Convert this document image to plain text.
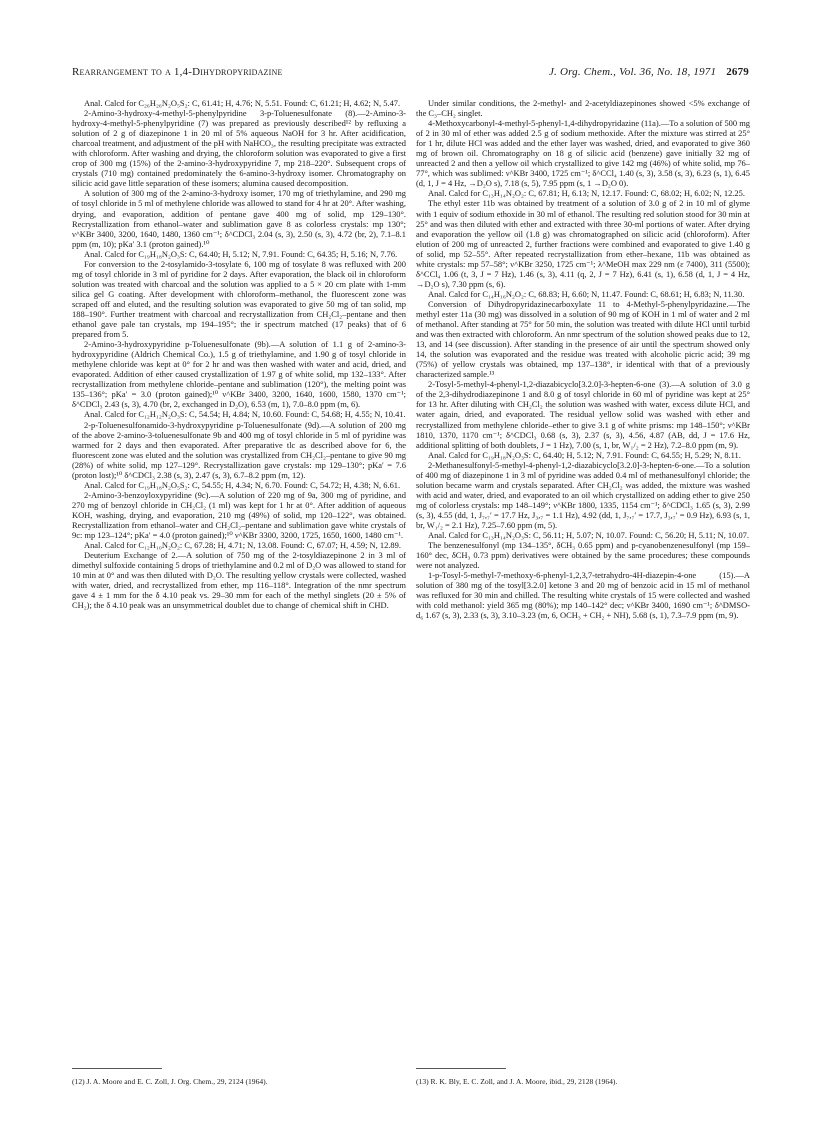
Rearrangement to a 1,4-Dihydropyridazine	J. Org. Chem., Vol. 36, No. 18, 1971 2679

Anal. Calcd for C₂₆H₂₆N₂O₅S₂: C, 61.41; H, 4.76; N, 5.51. Found: C, 61.21; H, 4.62; N, 5.47.

2-Amino-3-hydroxy-4-methyl-5-phenylpyridine 3-p-Toluenesulfonate (8).—2-Amino-3-hydroxy-4-methyl-5-phenylpyridine (7) was prepared as previously described¹² by refluxing a solution of 2 g of diazepinone 1 in 20 ml of 5% aqueous NaOH for 3 hr. After acidification, charcoal treatment, and adjustment of the pH with NaHCO₃, the resulting precipitate was extracted with chloroform. After washing and drying, the chloroform solution was evaporated to give a first crop of 300 mg (15%) of the 2-amino-3-hydroxypyridine 7, mp 218–220°. Subsequent crops of crystals (710 mg) contained predominately the 6-amino-3-hydroxy isomer. Chromatography on silicic acid gave little separation of these isomers; alumina caused decomposition.

A solution of 300 mg of the 2-amino-3-hydroxy isomer, 170 mg of triethylamine, and 290 mg of tosyl chloride in 5 ml of methylene chloride was allowed to stand for 4 hr at 20°. After washing, drying, and evaporation, addition of pentane gave 400 mg of solid, mp 129–130°. Recrystallization from ethanol–water and sublimation gave 8 as colorless crystals: mp 130°; ν^KBr 3400, 3200, 1640, 1480, 1360 cm⁻¹; δ^CDCl₃ 2.04 (s, 3), 2.50 (s, 3), 4.72 (br, 2), 7.1–8.1 ppm (m, 10); pKa′ 3.1 (proton gained).¹⁰

Anal. Calcd for C₁₉H₁₈N₂O₃S: C, 64.40; H, 5.12; N, 7.91. Found: C, 64.35; H, 5.16; N, 7.76.

For conversion to the 2-tosylamido-3-tosylate 6, 100 mg of tosylate 8 was refluxed with 200 mg of tosyl chloride in 3 ml of pyridine for 2 days. After evaporation, the black oil in chloroform solution was treated with charcoal and the solution was applied to a 5 × 20 cm plate with 1-mm silica gel G coating. After development with chloroform–methanol, the fluorescent zone was scraped off and eluted, and the resulting solution was evaporated to give 50 mg of tan solid, mp 188–190°. Further treatment with charcoal and recrystallization from CH₂Cl₂–pentane and then ethanol gave pale tan crystals, mp 194–195°; the ir spectrum matched (17 peaks) that of 6 prepared from 5.

2-Amino-3-hydroxypyridine p-Toluenesulfonate (9b).—A solution of 1.1 g of 2-amino-3-hydroxypyridine (Aldrich Chemical Co.), 1.5 g of triethylamine, and 1.90 g of tosyl chloride in methylene chloride was kept at 0° for 2 hr and was then washed with water and acid, dried, and evaporated. Addition of ether caused crystallization of 1.97 g of white solid, mp 132–133°. After recrystallization from methylene chloride–pentane and sublimation (120°), the melting point was 135–136°; pKa′ = 3.0 (proton gained);¹⁰ ν^KBr 3400, 3200, 1640, 1600, 1580, 1370 cm⁻¹; δ^CDCl₃ 2.43 (s, 3), 4.70 (br, 2, exchanged in D₂O), 6.53 (m, 1), 7.0–8.0 ppm (m, 6).

Anal. Calcd for C₁₂H₁₂N₂O₃S: C, 54.54; H, 4.84; N, 10.60. Found: C, 54.68; H, 4.55; N, 10.41.

2-p-Toluenesulfonamido-3-hydroxypyridine p-Toluenesulfonate (9d).—A solution of 200 mg of the above 2-amino-3-toluenesulfonate 9b and 400 mg of tosyl chloride in 5 ml of pyridine was warmed for 2 days and then evaporated. After preparative tlc as described above for 6, the fluorescent zone was eluted and the solution was crystallized from CH₂Cl₂–pentane to give 90 mg (28%) of white solid, mp 127–129°. Recrystallization gave crystals: mp 129–130°; pKa′ = 7.6 (proton lost);¹⁰ δ^CDCl₃ 2.38 (s, 3), 2.47 (s, 3), 6.7–8.2 ppm (m, 12).

Anal. Calcd for C₁₉H₁₈N₂O₅S₂: C, 54.55; H, 4.34; N, 6.70. Found: C, 54.72; H, 4.38; N, 6.61.

2-Amino-3-benzoyloxypyridine (9c).—A solution of 220 mg of 9a, 300 mg of pyridine, and 270 mg of benzoyl chloride in CH₂Cl₂ (1 ml) was kept for 1 hr at 0°. After addition of aqueous KOH, washing, drying, and evaporation, 210 mg (49%) of solid, mp 120–122°, was obtained. Recrystallization from ethanol–water and CH₂Cl₂–pentane and sublimation gave white crystals of 9c: mp 123–124°; pKa′ = 4.0 (proton gained);¹⁰ ν^KBr 3300, 3200, 1725, 1650, 1600, 1480 cm⁻¹.

Anal. Calcd for C₁₂H₁₀N₂O₂: C, 67.28; H, 4.71; N, 13.08. Found: C, 67.07; H, 4.59; N, 12.89.

Deuterium Exchange of 2.—A solution of 750 mg of the 2-tosyldiazepinone 2 in 3 ml of dimethyl sulfoxide containing 5 drops of triethylamine and 0.2 ml of D₂O was allowed to stand for 10 min at 0° and was then diluted with D₂O. The resulting yellow crystals were collected, washed with water, dried, and recrystallized from ether, mp 116–118°. Integration of the nmr spectrum gave 4 ± 1 mm for the δ 4.10 peak vs. 29–30 mm for each of the methyl singlets (20 ± 5% of CH₂); the δ 4.10 peak was an unsymmetrical doublet due to change of chemical shift in CHD.

Under similar conditions, the 2-methyl- and 2-acetyldiazepinones showed <5% exchange of the C₃–CH₂ singlet.

4-Methoxycarbonyl-4-methyl-5-phenyl-1,4-dihydropyridazine (11a).—To a solution of 500 mg of 2 in 30 ml of ether was added 2.5 g of sodium methoxide. After the mixture was stirred at 25° for 1 hr, dilute HCl was added and the ether layer was washed, dried, and evaporated to give 360 mg of brown oil. Chromatography on 18 g of silicic acid (benzene) gave initially 32 mg of unreacted 2 and then a yellow oil which crystallized to give 142 mg (46%) of white solid, mp 76–77°, which was sublimed: ν^KBr 3400, 1725 cm⁻¹; δ^CCl₄ 1.40 (s, 3), 3.58 (s, 3), 6.23 (s, 1), 6.45 (d, 1, J = 4 Hz, →D₂O s), 7.18 (s, 5), 7.95 ppm (s, 1 →D₂O 0).

Anal. Calcd for C₁₃H₁₄N₂O₂: C, 67.81; H, 6.13; N, 12.17. Found: C, 68.02; H, 6.02; N, 12.25.

The ethyl ester 11b was obtained by treatment of a solution of 3.0 g of 2 in 10 ml of glyme with 1 equiv of sodium ethoxide in 30 ml of ethanol. The resulting red solution stood for 30 min at 25° and was then diluted with ether and extracted with three 30-ml portions of water. After drying and evaporation the yellow oil (1.8 g) was chromatographed on silicic acid (chloroform). After elution of 200 mg of unreacted 2, further fractions were combined and evaporated to give 1.40 g of solid, mp 52–55°. After repeated recrystallization from ether–hexane, 11b was obtained as white crystals: mp 57–58°; ν^KBr 3250, 1725 cm⁻¹; λ^MeOH max 229 nm (ε 7400), 311 (5500); δ^CCl₄ 1.06 (t, 3, J = 7 Hz), 1.46 (s, 3), 4.11 (q, 2, J = 7 Hz), 6.41 (s, 1), 6.58 (d, 1, J = 4 Hz, →D₂O s), 7.30 ppm (s, 6).

Anal. Calcd for C₁₄H₁₆N₂O₂: C, 68.83; H, 6.60; N, 11.47. Found: C, 68.61; H, 6.83; N, 11.30.

Conversion of Dihydropyridazinecarboxylate 11 to 4-Methyl-5-phenylpyridazine.—The methyl ester 11a (30 mg) was dissolved in a solution of 90 mg of KOH in 1 ml of water and 2 ml of methanol. After standing at 75° for 50 min, the solution was treated with dilute HCl until turbid and was then extracted with chloroform. An nmr spectrum of the solution showed peaks due to 12, 13, and 14 (see discussion). After standing in the presence of air until the spectrum showed only 14, the solution was evaporated and the residue was treated with alcoholic picric acid; 39 mg (75%) of yellow crystals was obtained, mp 137–138°, ir identical with that of a previously characterized sample.¹³

2-Tosyl-5-methyl-4-phenyl-1,2-diazabicyclo[3.2.0]-3-hepten-6-one (3).—A solution of 3.0 g of the 2,3-dihydrodiazepinone 1 and 8.0 g of tosyl chloride in 60 ml of pyridine was kept at 25° for 13 hr. After diluting with CH₂Cl₂ the solution was washed with water, excess dilute HCl, and water again, dried, and evaporated. The residual yellow solid was washed with ether and recrystallized from methylene chloride–ether to give 3.1 g of white prisms: mp 148–150°; ν^KBr 1810, 1370, 1170 cm⁻¹; δ^CDCl₃ 0.68 (s, 3), 2.37 (s, 3), 4.56, 4.87 (AB, dd, J = 17.6 Hz, additional splitting of both doublets, J = 1 Hz), 7.00 (s, 1, br, W₁/₂ = 2 Hz), 7.2–8.0 ppm (m, 9).

Anal. Calcd for C₁₉H₁₈N₂O₃S: C, 64.40; H, 5.12; N, 7.91. Found: C, 64.55; H, 5.29; N, 8.11.

2-Methanesulfonyl-5-methyl-4-phenyl-1,2-diazabicyclo[3.2.0]-3-hepten-6-one.—To a solution of 400 mg of diazepinone 1 in 3 ml of pyridine was added 0.4 ml of methanesulfonyl chloride; the solution became warm and crystals separated. After CH₂Cl₂ was added, the mixture was washed with acid and water, dried, and evaporated to an oil which crystallized on adding ether to give 250 mg of colorless crystals: mp 148–149°; ν^KBr 1800, 1335, 1154 cm⁻¹; δ^CDCl₃ 1.65 (s, 3), 2.99 (s, 3), 4.55 (dd, 1, J₇,₇′ = 17.7 Hz, J₃,₇ = 1.1 Hz), 4.92 (dd, 1, J₇,₇′ = 17.7, J₃,₇′ = 0.9 Hz), 6.93 (s, 1, br, W₁/₂ = 2.1 Hz), 7.25–7.60 ppm (m, 5).

Anal. Calcd for C₁₃H₁₄N₂O₃S: C, 56.11; H, 5.07; N, 10.07. Found: C, 56.20; H, 5.11; N, 10.07.

The benzenesulfonyl (mp 134–135°, δCH₃ 0.65 ppm) and p-cyanobenzenesulfonyl (mp 159–160° dec, δCH₃ 0.73 ppm) derivatives were obtained by the same procedures; these compounds were not analyzed.

1-p-Tosyl-5-methyl-7-methoxy-6-phenyl-1,2,3,7-tetrahydro-4H-diazepin-4-one (15).—A solution of 380 mg of the tosyl[3.2.0] ketone 3 and 20 mg of benzoic acid in 15 ml of methanol was refluxed for 30 min and chilled. The resulting white crystals of 15 were collected and washed with cold methanol: yield 365 mg (80%); mp 140–142° dec; ν^KBr 3400, 1690 cm⁻¹; δ^DMSO-d₆ 1.67 (s, 3), 2.33 (s, 3), 3.10–3.23 (m, 6, OCH₃ + CH₂ + NH), 5.68 (s, 1), 7.3–7.9 ppm (m, 9).

(12) J. A. Moore and E. C. Zoll, J. Org. Chem., 29, 2124 (1964).	(13) R. K. Bly, E. C. Zoll, and J. A. Moore, ibid., 29, 2128 (1964).
